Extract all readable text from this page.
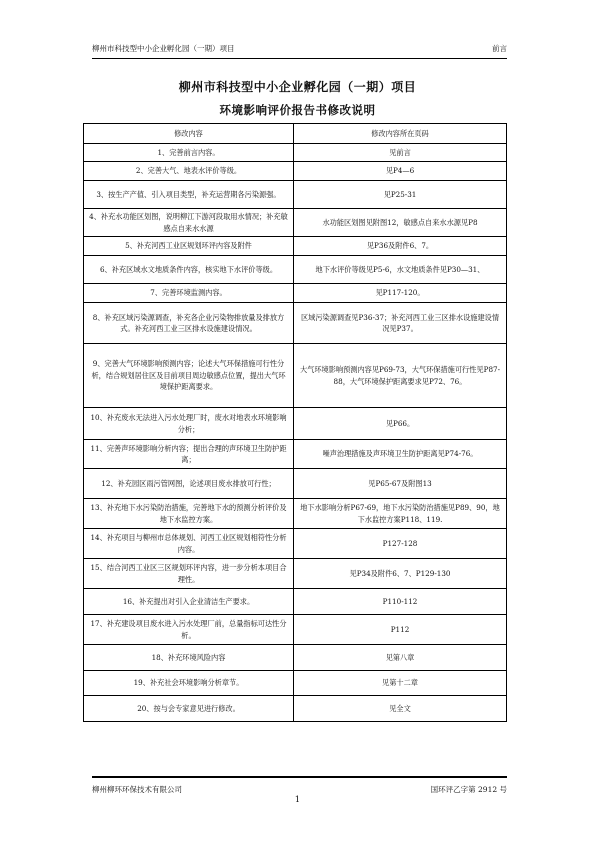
柳州市科技型中小企业孵化园（一期）项目	前言
柳州市科技型中小企业孵化园（一期）项目
环境影响评价报告书修改说明
修改内容	修改内容所在页码
1、完善前言内容。	见前言
2、完善大气、地表水评价等级。	见P4—6
3、按生产产值、引入项目类型，补充运营期各污染源强。	见P25-31
4、补充水功能区划图，说明柳江下游河段取用水情况；补充敏感点自来水水源	水功能区划图见附图12，敏感点自来水水源见P8
5、补充河西工业区规划环评内容及附件	见P36及附件6、7。
6、补充区域水文地质条件内容，核实地下水评价等级。	地下水评价等级见P5-6，水文地质条件见P30—31、
7、完善环境监测内容。	见P117-120。
8、补充区域污染源调查，补充各企业污染物排放量及排放方式。补充河西工业三区排水设施建设情况。	区域污染源调查见P36-37；补充河西工业三区排水设施建设情况见P37。
9、完善大气环境影响预测内容；论述大气环保措施可行性分析，结合规划居住区及目前项目周边敏感点位置，提出大气环境保护距离要求。	大气环境影响预测内容见P69-73，大气环保措施可行性见P87-88，大气环境保护距离要求见P72、76。
10、补充废水无法进入污水处理厂时，废水对地表水环境影响分析；	见P66。
11、完善声环境影响分析内容；提出合理的声环境卫生防护距离；	噪声治理措施及声环境卫生防护距离见P74-76。
12、补充园区雨污管网图，论述项目废水排放可行性；	见P65-67及附图13
13、补充地下水污染防治措施，完善地下水的预测分析评价及地下水监控方案。	地下水影响分析P67-69，地下水污染防治措施见P89、90，地下水监控方案P118、119.
14、补充项目与柳州市总体规划、河西工业区规划相符性分析内容。	P127-128
15、结合河西工业区三区规划环评内容，进一步分析本项目合理性。	见P34及附件6、7、P129-130
16、补充提出对引入企业清洁生产要求。	P110-112
17、补充建设项目废水进入污水处理厂前，总量指标可达性分析。	P112
18、补充环境风险内容	见第八章
19、补充社会环境影响分析章节。	见第十二章
20、按与会专家意见进行修改。	见全文
柳州柳环环保技术有限公司	国环评乙字第 2912 号
1
